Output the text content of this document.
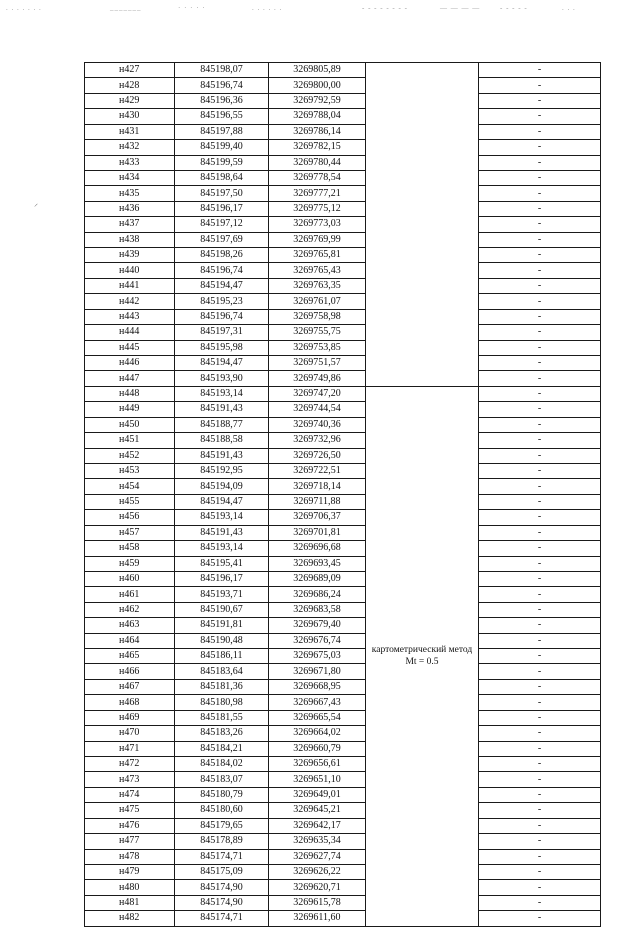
. . . . . . .	_______	· · · · ·	. . . . . .	- - - - - - - -	— — — —	- - - - -	. . .
н427	845198,07	3269805,89		-
н428	845196,74	3269800,00		-
н429	845196,36	3269792,59		-
н430	845196,55	3269788,04		-
н431	845197,88	3269786,14		-
н432	845199,40	3269782,15		-
н433	845199,59	3269780,44		-
н434	845198,64	3269778,54		-
н435	845197,50	3269777,21		-
н436	845196,17	3269775,12		-
н437	845197,12	3269773,03		-
н438	845197,69	3269769,99		-
н439	845198,26	3269765,81		-
н440	845196,74	3269765,43		-
н441	845194,47	3269763,35		-
н442	845195,23	3269761,07		-
н443	845196,74	3269758,98		-
н444	845197,31	3269755,75		-
н445	845195,98	3269753,85		-
н446	845194,47	3269751,57		-
н447	845193,90	3269749,86		-
н448	845193,14	3269747,20	картометрический метод Mt = 0.5	-
н449	845191,43	3269744,54		-
н450	845188,77	3269740,36		-
н451	845188,58	3269732,96		-
н452	845191,43	3269726,50		-
н453	845192,95	3269722,51		-
н454	845194,09	3269718,14		-
н455	845194,47	3269711,88		-
н456	845193,14	3269706,37		-
н457	845191,43	3269701,81		-
н458	845193,14	3269696,68		-
н459	845195,41	3269693,45		-
н460	845196,17	3269689,09		-
н461	845193,71	3269686,24		-
н462	845190,67	3269683,58		-
н463	845191,81	3269679,40		-
н464	845190,48	3269676,74		-
н465	845186,11	3269675,03		-
н466	845183,64	3269671,80		-
н467	845181,36	3269668,95		-
н468	845180,98	3269667,43		-
н469	845181,55	3269665,54		-
н470	845183,26	3269664,02		-
н471	845184,21	3269660,79		-
н472	845184,02	3269656,61		-
н473	845183,07	3269651,10		-
н474	845180,79	3269649,01		-
н475	845180,60	3269645,21		-
н476	845179,65	3269642,17		-
н477	845178,89	3269635,34		-
н478	845174,71	3269627,74		-
н479	845175,09	3269626,22		-
н480	845174,90	3269620,71		-
н481	845174,90	3269615,78		-
н482	845174,71	3269611,60		-
⸝
